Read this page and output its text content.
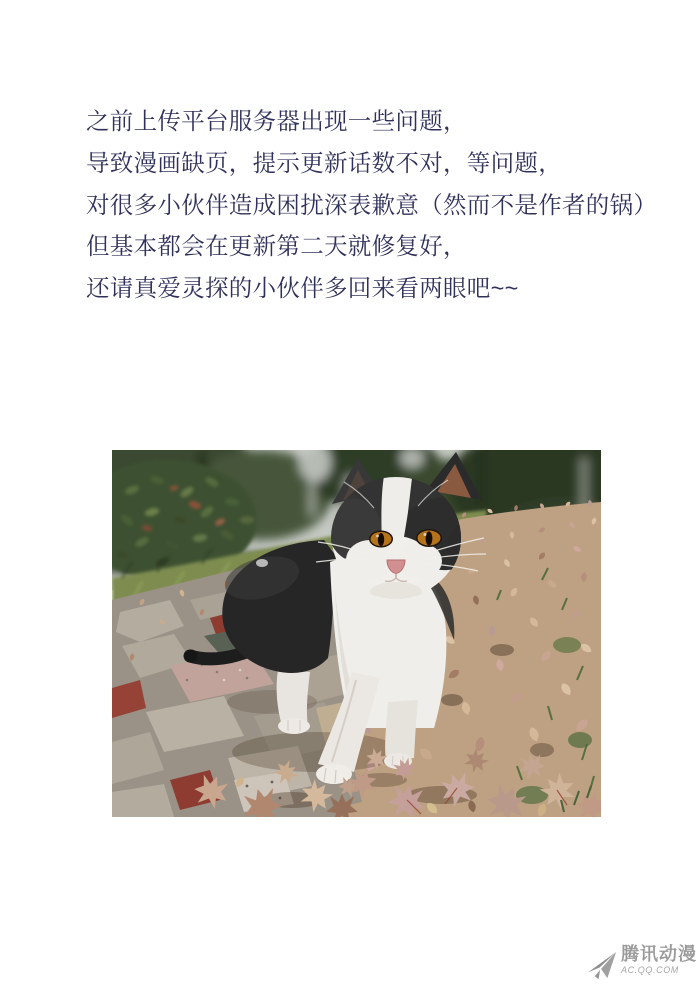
之前上传平台服务器出现一些问题，

导致漫画缺页，提示更新话数不对，等问题，

对很多小伙伴造成困扰深表歉意（然而不是作者的锅）

但基本都会在更新第二天就修复好，

还请真爱灵探的小伙伴多回来看两眼吧~~

腾讯动漫
AC.QQ.COM
